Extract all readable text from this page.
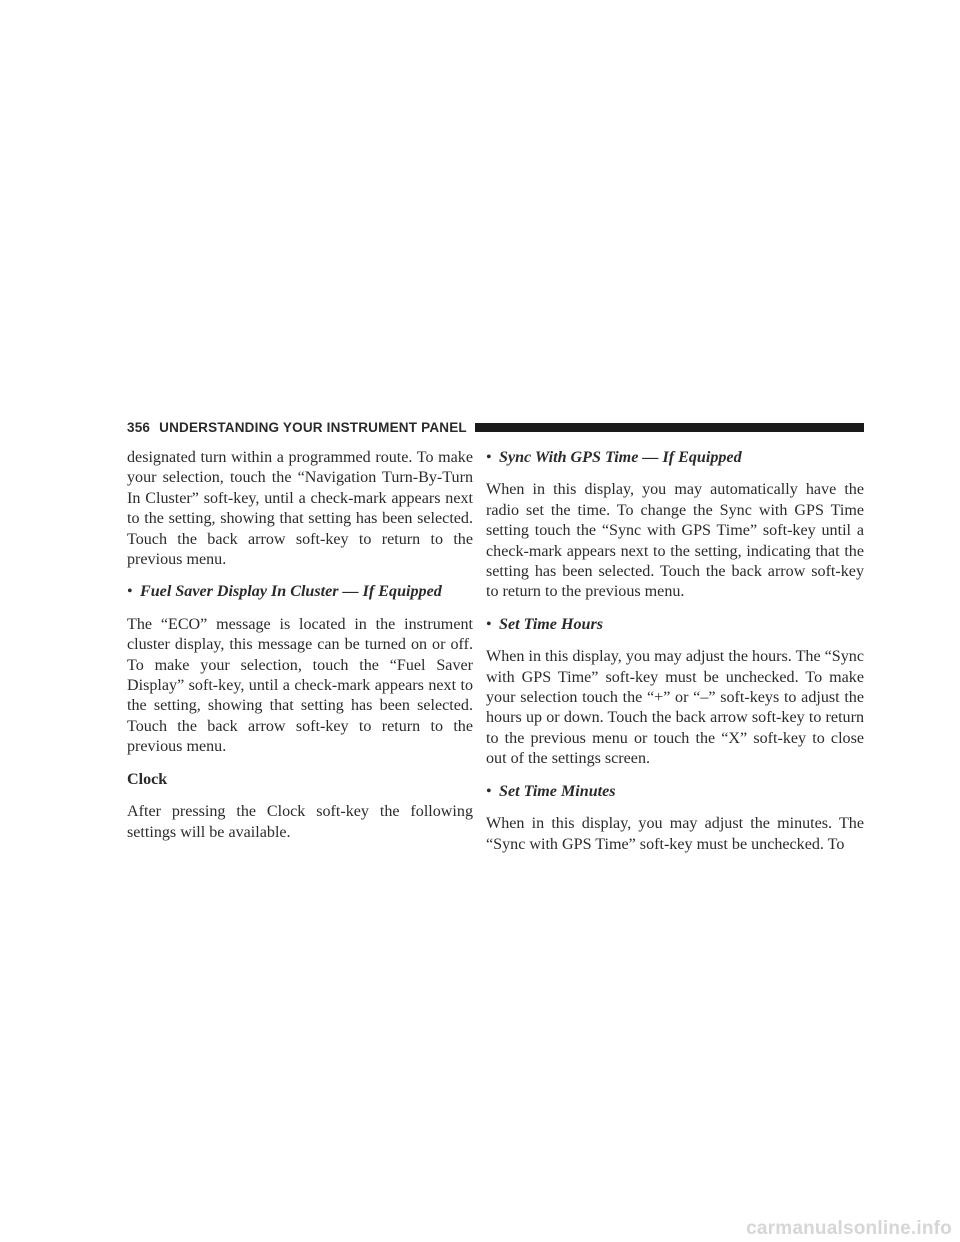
356 UNDERSTANDING YOUR INSTRUMENT PANEL

designated turn within a programmed route. To make your selection, touch the “Navigation Turn-By-Turn In Cluster” soft-key, until a check-mark appears next to the setting, showing that setting has been selected. Touch the back arrow soft-key to return to the previous menu.

• Fuel Saver Display In Cluster — If Equipped

The “ECO” message is located in the instrument cluster display, this message can be turned on or off. To make your selection, touch the “Fuel Saver Display” soft-key, until a check-mark appears next to the setting, showing that setting has been selected. Touch the back arrow soft-key to return to the previous menu.

Clock

After pressing the Clock soft-key the following settings will be available.

• Sync With GPS Time — If Equipped

When in this display, you may automatically have the radio set the time. To change the Sync with GPS Time setting touch the “Sync with GPS Time” soft-key until a check-mark appears next to the setting, indicating that the setting has been selected. Touch the back arrow soft-key to return to the previous menu.

• Set Time Hours

When in this display, you may adjust the hours. The “Sync with GPS Time” soft-key must be unchecked. To make your selection touch the “+” or “–” soft-keys to adjust the hours up or down. Touch the back arrow soft-key to return to the previous menu or touch the “X” soft-key to close out of the settings screen.

• Set Time Minutes

When in this display, you may adjust the minutes. The “Sync with GPS Time” soft-key must be unchecked. To

carmanualsonline.info
